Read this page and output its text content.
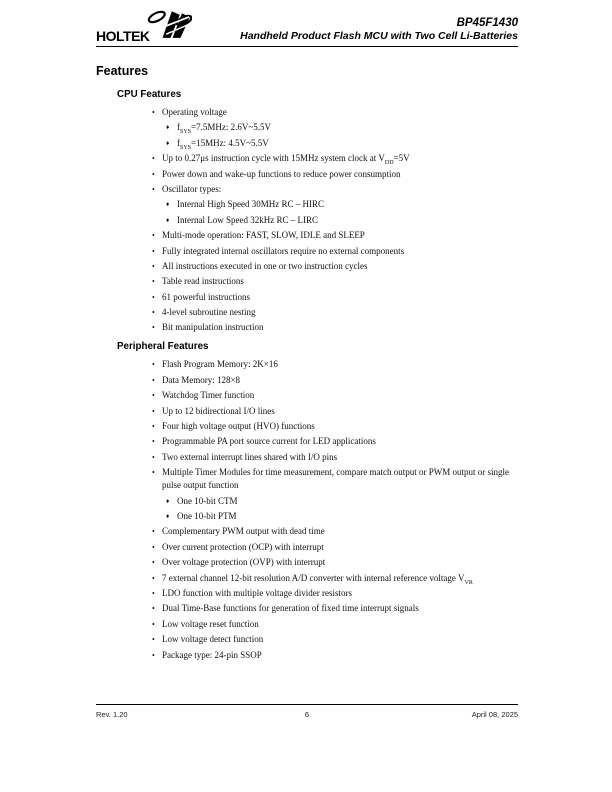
HOLTEK
BP45F1430
Handheld Product Flash MCU with Two Cell Li-Batteries
Features
CPU Features
• Operating voltage
♦ $f_{SYS}=7.5MHz$: 2.6V~5.5V
♦ $f_{SYS}=15MHz$: 4.5V~5.5V
• Up to 0.27μs instruction cycle with 15MHz system clock at $V_{DD}=5V$
• Power down and wake-up functions to reduce power consumption
• Oscillator types:
♦ Internal High Speed 30MHz RC – HIRC
♦ Internal Low Speed 32kHz RC – LIRC
• Multi-mode operation: FAST, SLOW, IDLE and SLEEP
• Fully integrated internal oscillators require no external components
• All instructions executed in one or two instruction cycles
• Table read instructions
• 61 powerful instructions
• 4-level subroutine nesting
• Bit manipulation instruction
Peripheral Features
• Flash Program Memory: 2K×16
• Data Memory: 128×8
• Watchdog Timer function
• Up to 12 bidirectional I/O lines
• Four high voltage output (HVO) functions
• Programmable PA port source current for LED applications
• Two external interrupt lines shared with I/O pins
• Multiple Timer Modules for time measurement, compare match output or PWM output or single pulse output function
♦ One 10-bit CTM
♦ One 10-bit PTM
• Complementary PWM output with dead time
• Over current protection (OCP) with interrupt
• Over voltage protection (OVP) with interrupt
• 7 external channel 12-bit resolution A/D converter with internal reference voltage $V_{VR}$
• LDO function with multiple voltage divider resistors
• Dual Time-Base functions for generation of fixed time interrupt signals
• Low voltage reset function
• Low voltage detect function
• Package type: 24-pin SSOP
Rev. 1.20	6	April 08, 2025
